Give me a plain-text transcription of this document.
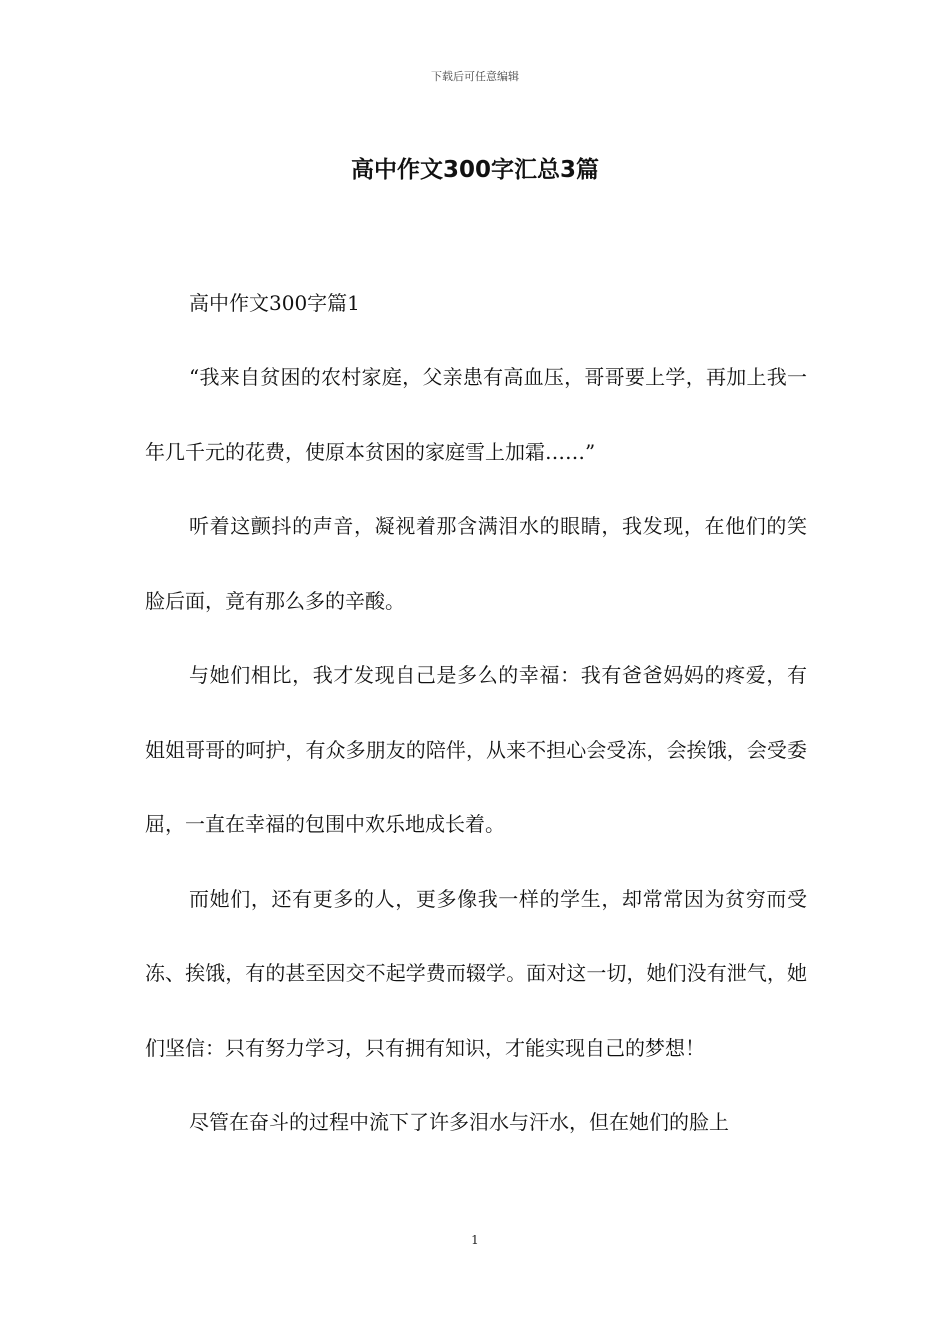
下载后可任意编辑
高中作文300字汇总3篇

高中作文300字篇1

“我来自贫困的农村家庭，父亲患有高血压，哥哥要上学，再加上我一年几千元的花费，使原本贫困的家庭雪上加霜……”

听着这颤抖的声音，凝视着那含满泪水的眼睛，我发现，在他们的笑脸后面，竟有那么多的辛酸。

与她们相比，我才发现自己是多么的幸福：我有爸爸妈妈的疼爱，有姐姐哥哥的呵护，有众多朋友的陪伴，从来不担心会受冻，会挨饿，会受委屈，一直在幸福的包围中欢乐地成长着。

而她们，还有更多的人，更多像我一样的学生，却常常因为贫穷而受冻、挨饿，有的甚至因交不起学费而辍学。面对这一切，她们没有泄气，她们坚信：只有努力学习，只有拥有知识，才能实现自己的梦想！

尽管在奋斗的过程中流下了许多泪水与汗水，但在她们的脸上

1
